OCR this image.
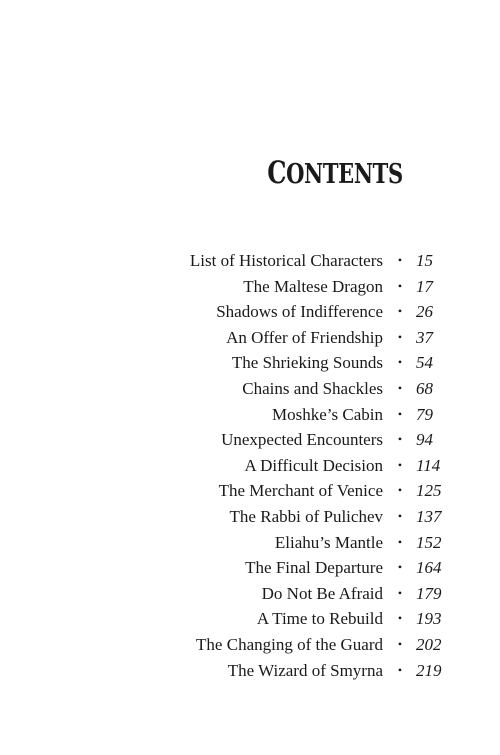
CONTENTS
List of Historical Characters	• 15
The Maltese Dragon	• 17
Shadows of Indifference	• 26
An Offer of Friendship	• 37
The Shrieking Sounds	• 54
Chains and Shackles	• 68
Moshke’s Cabin	• 79
Unexpected Encounters	• 94
A Difficult Decision	• 114
The Merchant of Venice	• 125
The Rabbi of Pulichev	• 137
Eliahu’s Mantle	• 152
The Final Departure	• 164
Do Not Be Afraid	• 179
A Time to Rebuild	• 193
The Changing of the Guard	• 202
The Wizard of Smyrna	• 219
